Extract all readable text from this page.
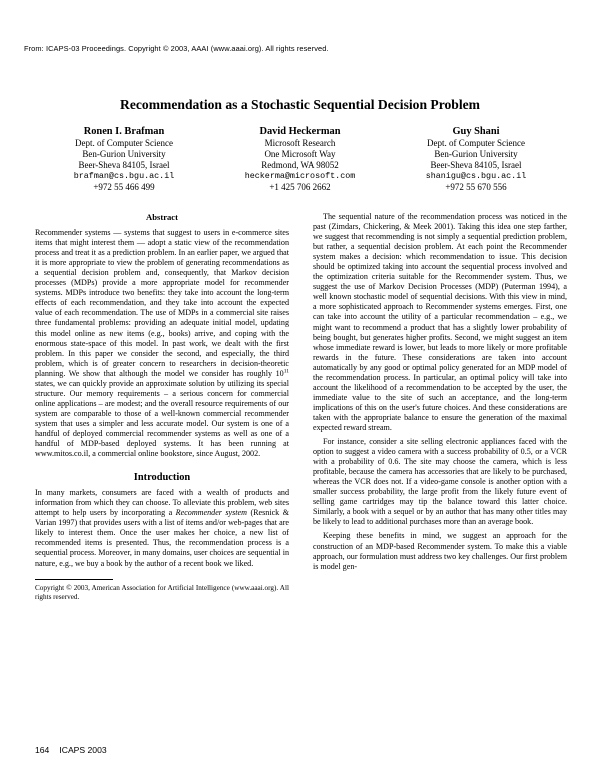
From: ICAPS-03 Proceedings. Copyright © 2003, AAAI (www.aaai.org). All rights reserved.
Recommendation as a Stochastic Sequential Decision Problem
Ronen I. Brafman
Dept. of Computer Science
Ben-Gurion University
Beer-Sheva 84105, Israel
brafman@cs.bgu.ac.il
+972 55 466 499
David Heckerman
Microsoft Research
One Microsoft Way
Redmond, WA 98052
heckerma@microsoft.com
+1 425 706 2662
Guy Shani
Dept. of Computer Science
Ben-Gurion University
Beer-Sheva 84105, Israel
shanigu@cs.bgu.ac.il
+972 55 670 556
Abstract

Recommender systems — systems that suggest to users in e-commerce sites items that might interest them — adopt a static view of the recommendation process and treat it as a prediction problem. In an earlier paper, we argued that it is more appropriate to view the problem of generating recommendations as a sequential decision problem and, consequently, that Markov decision processes (MDPs) provide a more appropriate model for recommender systems. MDPs introduce two benefits: they take into account the long-term effects of each recommendation, and they take into account the expected value of each recommendation. The use of MDPs in a commercial site raises three fundamental problems: providing an adequate initial model, updating this model online as new items (e.g., books) arrive, and coping with the enormous state-space of this model. In past work, we dealt with the first problem. In this paper we consider the second, and especially, the third problem, which is of greater concern to researchers in decision-theoretic planning. We show that although the model we consider has roughly $10^{11}$ states, we can quickly provide an approximate solution by utilizing its special structure. Our memory requirements – a serious concern for commercial online applications – are modest; and the overall resource requirements of our system are comparable to those of a well-known commercial recommender system that uses a simpler and less accurate model. Our system is one of a handful of deployed commercial recommender systems as well as one of a handful of MDP-based deployed systems. It has been running at www.mitos.co.il, a commercial online bookstore, since August, 2002.

Introduction

In many markets, consumers are faced with a wealth of products and information from which they can choose. To alleviate this problem, web sites attempt to help users by incorporating a Recommender system (Resnick & Varian 1997) that provides users with a list of items and/or web-pages that are likely to interest them. Once the user makes her choice, a new list of recommended items is presented. Thus, the recommendation process is a sequential process. Moreover, in many domains, user choices are sequential in nature, e.g., we buy a book by the author of a recent book we liked.

Copyright © 2003, American Association for Artificial Intelligence (www.aaai.org). All rights reserved.

The sequential nature of the recommendation process was noticed in the past (Zimdars, Chickering, & Meek 2001). Taking this idea one step farther, we suggest that recommending is not simply a sequential prediction problem, but rather, a sequential decision problem. At each point the Recommender system makes a decision: which recommendation to issue. This decision should be optimized taking into account the sequential process involved and the optimization criteria suitable for the Recommender system. Thus, we suggest the use of Markov Decision Processes (MDP) (Puterman 1994), a well known stochastic model of sequential decisions. With this view in mind, a more sophisticated approach to Recommender systems emerges. First, one can take into account the utility of a particular recommendation – e.g., we might want to recommend a product that has a slightly lower probability of being bought, but generates higher profits. Second, we might suggest an item whose immediate reward is lower, but leads to more likely or more profitable rewards in the future. These considerations are taken into account automatically by any good or optimal policy generated for an MDP model of the recommendation process. In particular, an optimal policy will take into account the likelihood of a recommendation to be accepted by the user, the immediate value to the site of such an acceptance, and the long-term implications of this on the user's future choices. And these considerations are taken with the appropriate balance to ensure the generation of the maximal expected reward stream.

For instance, consider a site selling electronic appliances faced with the option to suggest a video camera with a success probability of 0.5, or a VCR with a probability of 0.6. The site may choose the camera, which is less profitable, because the camera has accessories that are likely to be purchased, whereas the VCR does not. If a video-game console is another option with a smaller success probability, the large profit from the likely future event of selling game cartridges may tip the balance toward this latter choice. Similarly, a book with a sequel or by an author that has many other titles may be likely to lead to additional purchases more than an average book.

Keeping these benefits in mind, we suggest an approach for the construction of an MDP-based Recommender system. To make this a viable approach, our formulation must address two key challenges. Our first problem is model gen-

164 ICAPS 2003
